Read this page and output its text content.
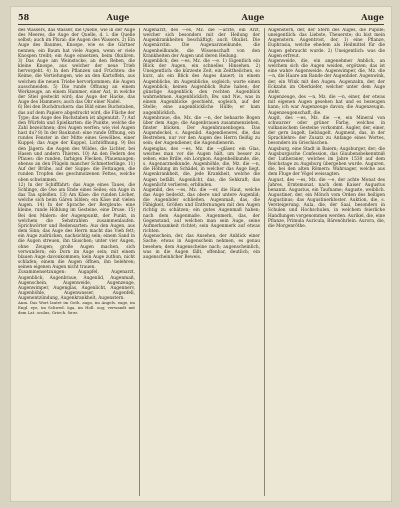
58	Auge	Auge	Auge

des Wassers, das Wasser, die Quelle, wie in der Auge des Meeres, die Auge der Quelle, d. i. die Quelle selbst; auch im Plural: die Augen des Wassers. 2) Ein Auge des Baumes, Knospe, wie es die Gärtner nennen; ein Baum hat viele Augen, wenn er viele Knospen treibt; ein Auge einsetzen, beim Okuliren. 3) Das Auge am Weinstocke, an den Reben, die kleine Knospe, aus welcher der neue Trieb hervorgeht. 4) In den Pflanzen und Früchten: die Keime, die Vertiefungen, wie an den Kartoffeln, aus welchen die neuen Triebe hervorkommen; die Augen ausschneiden. 5) Die runde Öffnung an einem Werkzeuge, an einem Hammer, einer Axt, in welche der Stiel gesteckt wird; das Auge der Hacke, das Auge des Hammers; auch das Öhr einer Nadel.

6) Bei den Buchdruckern: das Bild eines Buchstaben, das auf dem Papiere abgedruckt wird, die Fläche der Type; das Auge des Buchstaben ist abgenutzt. 7) Auf den Würfeln und Spielkarten: die Punkte, welche die Zahl bezeichnen; drei Augen werfen; wie viel Augen hast du? 8) In der Baukunst: eine runde Öffnung, ein rundes Fenster in der Mitte eines Gewölbes, einer Kuppel; das Auge der Kuppel, Lichtöffnung. 9) Bei den Jägern: die Augen des Wildes, die Lichter, bei Hasen und andern Thieren. 10) An den Federn des Pfaues: die runden, farbigen Flecken, Pfauenaugen; ebenso an den Flügeln mancher Schmetterlinge. 11) Auf der Brühe, auf der Suppe: die Fettaugen, die runden Tropfen des geschmolzenen Fettes, welche oben schwimmen.

12) In der Schifffahrt: das Auge eines Taues, die Schlinge, die Öse am Ende eines Seiles; ein Auge in das Tau spleißen. 13) Am Käse: die runden Löcher, welche sich beim Gären bilden; ein Käse mit vielen Augen. 14) In der Sprache der Bergleute: eine kleine, runde Höhlung im Gesteine, eine Druse. 15) Bei den Malern: der Augenpunkt, der Punkt, in welchem die Sehstrahlen zusammenlaufen. Sprichwörter und Redensarten: Aus den Augen, aus dem Sinn; das Auge des Herrn macht das Vieh fett; ein Auge zudrücken, nachsichtig sein; einem Sand in die Augen streuen, ihn täuschen; unter vier Augen, ohne Zeugen; große Augen machen, sich verwundern; ein Dorn im Auge sein; mit einem blauen Auge davonkommen; kein Auge zuthun, nicht schlafen; einem die Augen öffnen, ihn belehren; seinen eigenen Augen nicht trauen.

Zusammensetzungen: Augapfel, Augenarzt, Augenblick, Augenbraue, Augenlid, Augenmaß, Augenschein, Augenweide, Augenzeuge, Augenwimper, Augenglas, Augenlicht, Augennerv, Augenhöhle, Augenwasser, Augenfell, Augenentzündung, Augenkrankheit, Augenstern.

Anm. Das Wort lautet im Goth. augo, im Angels. eage, im Engl. eye, im Schwed. öga, im Holl. oog; verwandt mit dem Lat. oculus, Griech. ὄσσε.

Augenarzt, des —es, Mz. die —ärzte, ein Arzt, welcher sich besonders mit der Heilung der Augenkrankheiten beschäftigt; auch Okulist. Die Augenärztin. Die Augenarzneikunde, die Augenheilkunde, die Wissenschaft von den Krankheiten der Augen und deren Heilung.

Augenblick, des —es, Mz. die —e. 1) Eigentlich ein Blick der Augen, ein schnelles Hinsehen. 2) Uneigentlich: die kürzeste Zeit, ein Zeittheilchen, so kurz, als ein Blick des Auges dauert; in einem Augenblicke, im Augenblicke, sogleich; warte einen Augenblick; keinen Augenblick Ruhe haben; der günstige Augenblick; den rechten Augenblick wahrnehmen. Augenblicklich, Bw. und Nw., was in einem Augenblicke geschieht, sogleich, auf der Stelle; eine augenblickliche Hülfe; er kam augenblicklich.

Augenbraue, die, Mz. die —n, der behaarte Bogen über dem Auge; die Augenbrauen zusammenziehen, finster blicken. Der Augenbrauenbogen. Das Augendeckel, s. Augenlid. Augendienerei, die, das Bestreben, nur vor den Augen des Herrn fleißig zu sein; der Augendiener, die Augendienerin.

Augenglas, des —es, Mz. die —gläser, ein Glas, welches man vor die Augen hält, um besser zu sehen, eine Brille, ein Lorgnon. Augenheilkunde, die, s. Augenarzneikunde. Augenhöhle, die, Mz. die —n, die Höhlung im Schädel, in welcher das Auge liegt. Augenkrankheit, die, jede Krankheit, welche die Augen befällt. Augenlicht, das, die Sehkraft; das Augenlicht verlieren, erblinden.

Augenlid, des —es, Mz. die —er, die Haut, welche das Auge bedeckt, das obere und untere Augenlid; die Augenlider schließen. Augenmaß, das, die Fähigkeit, Größen und Entfernungen mit den Augen richtig zu schätzen; ein gutes Augenmaß haben; nach dem Augenmaße. Augenmerk, das, der Gegenstand, auf welchen man sein Auge, seine Aufmerksamkeit richtet; sein Augenmerk auf etwas richten.

Augenschein, der, das Ansehen, der Anblick einer Sache; etwas in Augenschein nehmen, es genau besehen; dem Augenscheine nach; augenscheinlich, was in die Augen fällt, offenbar, deutlich; ein augenscheinlicher Beweis.

Augenstern, der, der Stern des Auges, die Pupille; uneigentlich: das Liebste, Theuerste; du bist mein Augenstern. Augentrost, der, 1) eine Pflanze, Euphrasia, welche ehedem als Heilmittel für die Augen gebraucht wurde. 2) Uneigentlich: was die Augen erfreut.

Augenweide, die, ein angenehmer Anblick, an welchem sich die Augen weiden, ergötzen; das ist eine wahre Augenweide. Augenwimper, die, Mz. die —n, die Haare am Rande der Augenlider. Augenwink, der, ein Wink mit den Augen. Augenzahn, der, der Eckzahn im Oberkiefer, welcher unter dem Auge steht.

Augenzeuge, des —n, Mz. die —n, einer, der etwas mit eigenen Augen gesehen hat und es bezeugen kann; ich war Augenzeuge davon; die Augenzeugin. Augenzeugenschaft, die.

Augit, des —es, Mz. die —e, ein Mineral von schwarzer oder grüner Farbe, welches in vulkanischem Gesteine vorkommt. Äugler, der, einer, der gern äugelt, liebäugelt. Augment, das, in der Sprachlehre: der Zusatz zu Anfange eines Wortes, besonders im Griechischen.

Augsburg, eine Stadt in Baiern; Augsburger, der; die Augsburgische Confession, das Glaubensbekenntniß der Lutheraner, welches im Jahre 1530 auf dem Reichstage zu Augsburg übergeben wurde. Auguren, die, bei den alten Römern: Wahrsager, welche aus dem Fluge der Vögel weissagten.

August, des —es, Mz. die —e, der achte Monat des Jahres, Erntemonat, nach dem Kaiser Augustus benannt. Augustus, ein Taufname; Auguste, weiblich. Augustiner, der, ein Mönch vom Orden des heiligen Augustinus; das Augustinerkloster. Auktion, die, s. Versteigerung. Aula, die, der Saal, besonders in Schulen und Hochschulen, in welchem feierliche Handlungen vorgenommen werden. Aurikel, die, eine Pflanze, Primula Auricula, Bärenöhrlein. Aurora, die, die Morgenröthe.
